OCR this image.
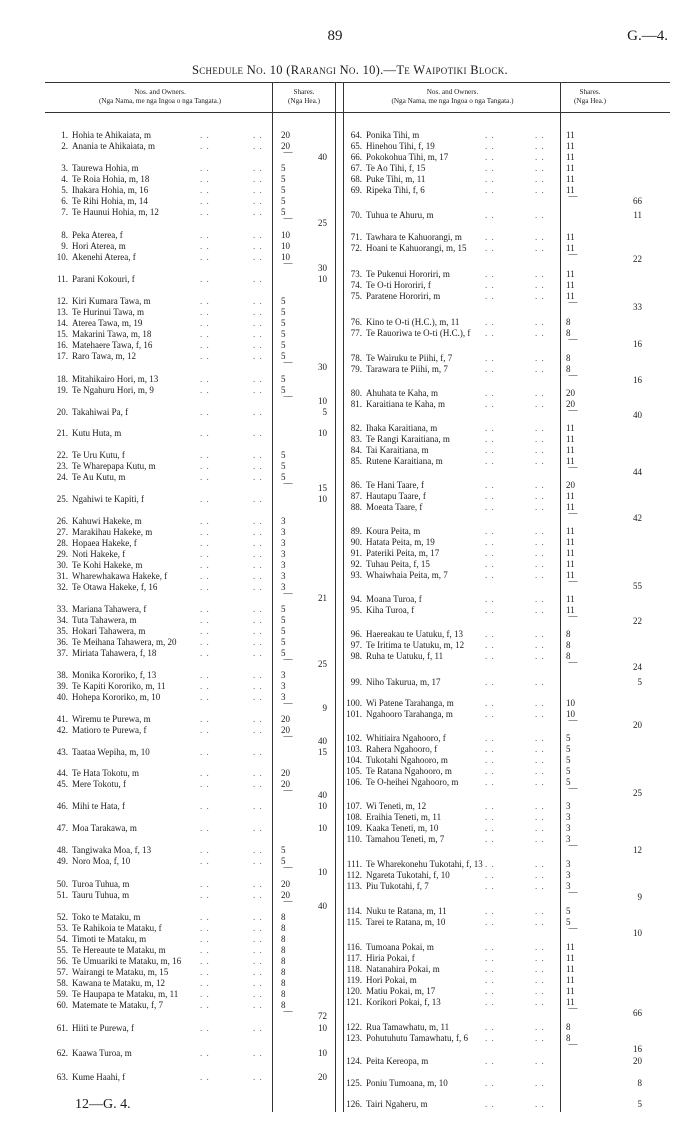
89	G.—4.
Schedule No. 10 (Rarangi No. 10).—Te Waipotiki Block.
Nos. and Owners.
(Nga Nama, me nga Ingoa o nga Tangata.)
Shares.
(Nga Hea.)
Nos. and Owners.
(Nga Nama, me nga Ingoa o nga Tangata.)
Shares.
(Nga Hea.)
1. Hohia te Ahikaiata, m	. .	. . 20
2. Anania te Ahikaiata, m	. .	. . 20
—	40
3. Taurewa Hohia, m	. .	. . 5
4. Te Roia Hohia, m, 18	. .	. . 5
5. Ihakara Hohia, m, 16	. .	. . 5
6. Te Rihi Hohia, m, 14	. .	. . 5
7. Te Haunui Hohia, m, 12	. .	. . 5
—	25
8. Peka Aterea, f	. .	. . 10
9. Hori Aterea, m	. .	. . 10
10. Akenehi Aterea, f	. .	. . 10
—	30
11. Parani Kokouri, f	. .	. .	10
12. Kiri Kumara Tawa, m	. .	. . 5
13. Te Hurinui Tawa, m	. .	. . 5
14. Aterea Tawa, m, 19	. .	. . 5
15. Makarini Tawa, m, 18	. .	. . 5
16. Matehaere Tawa, f, 16	. .	. . 5
17. Raro Tawa, m, 12	. .	. . 5
—	30
18. Mitahikairo Hori, m, 13	. .	. . 5
19. Te Ngahuru Hori, m, 9	. .	. . 5
—	10
20. Takahiwai Pa, f	. .	. .	5
21. Kutu Huta, m	. .	. .	10
22. Te Uru Kutu, f	. .	. . 5
23. Te Wharepapa Kutu, m	. .	. . 5
24. Te Au Kutu, m	. .	. . 5
—	15
25. Ngahiwi te Kapiti, f	. .	. .	10
26. Kahuwi Hakeke, m	. .	. . 3
27. Marakihau Hakeke, m	. .	. . 3
28. Hopaea Hakeke, f	. .	. . 3
29. Noti Hakeke, f	. .	. . 3
30. Te Kohi Hakeke, m	. .	. . 3
31. Wharewhakawa Hakeke, f	. .	. . 3
32. Te Otawa Hakeke, f, 16	. .	. . 3
—	21
33. Mariana Tahawera, f	. .	. . 5
34. Tuta Tahawera, m	. .	. . 5
35. Hokari Tahawera, m	. .	. . 5
36. Te Meihana Tahawera, m, 20	. .	. . 5
37. Miriata Tahawera, f, 18	. .	. . 5
—	25
38. Monika Kororiko, f, 13	. .	. . 3
39. Te Kapiti Kororiko, m, 11	. .	. . 3
40. Hohepa Kororiko, m, 10	. .	. . 3
—	9
41. Wiremu te Purewa, m	. .	. . 20
42. Matioro te Purewa, f	. .	. . 20
—	40
43. Taataa Wepiha, m, 10	. .	. .	15
44. Te Hata Tokotu, m	. .	. . 20
45. Mere Tokotu, f	. .	. . 20
—	40
46. Mihi te Hata, f	. .	. .	10
47. Moa Tarakawa, m	. .	. .	10
48. Tangiwaka Moa, f, 13	. .	. . 5
49. Noro Moa, f, 10	. .	. . 5
—	10
50. Turoa Tuhua, m	. .	. . 20
51. Tauru Tuhua, m	. .	. . 20
—	40
52. Toko te Mataku, m	. .	. . 8
53. Te Rahikoia te Mataku, f	. .	. . 8
54. Timoti te Mataku, m	. .	. . 8
55. Te Hereaute te Mataku, m	. .	. . 8
56. Te Umuariki te Mataku, m, 16 . .	. . 8
57. Wairangi te Mataku, m, 15	. .	. . 8
58. Kawana te Mataku, m, 12	. .	. . 8
59. Te Haupapa te Mataku, m, 11 . .	. . 8
60. Matemate te Mataku, f, 7	. .	. . 8
—	72
61. Hiiti te Purewa, f	. .	. .	10
62. Kaawa Turoa, m	. .	. .	10
63. Kume Haahi, f	. .	. .	20
64. Ponika Tihi, m	. .	. . 11
65. Hinehou Tihi, f, 19	. .	. . 11
66. Pokokohua Tihi, m, 17	. .	. . 11
67. Te Ao Tihi, f, 15	. .	. . 11
68. Puke Tihi, m, 11	. .	. . 11
69. Ripeka Tihi, f, 6	. .	. . 11
—	66
70. Tuhua te Ahuru, m	. .	. .	11
71. Tawhara te Kahuorangi, m	. .	. . 11
72. Hoani te Kahuorangi, m, 15 . .	. . 11
—	22
73. Te Pukenui Hororiri, m	. .	. . 11
74. Te O-ti Hororiri, f	. .	. . 11
75. Paratene Hororiri, m	. .	. . 11
—	33
76. Kino te O-ti (H.C.), m, 11	. .	. . 8
77. Te Rauoriwa te O-ti (H.C.), f . .	. . 8
—	16
78. Te Wairuku te Piihi, f, 7	. .	. . 8
79. Tarawara te Piihi, m, 7	. .	. . 8
—	16
80. Ahuhata te Kaha, m	. .	. . 20
81. Karaitiana te Kaha, m	. .	. . 20
—	40
82. Ihaka Karaitiana, m	. .	. . 11
83. Te Rangi Karaitiana, m	. .	. . 11
84. Tai Karaitiana, m	. .	. . 11
85. Rutene Karaitiana, m	. .	. . 11
—	44
86. Te Hani Taare, f	. .	. . 20
87. Hautapu Taare, f	. .	. . 11
88. Moeata Taare, f	. .	. . 11
—	42
89. Koura Peita, m	. .	. . 11
90. Hatata Peita, m, 19	. .	. . 11
91. Pateriki Peita, m, 17	. .	. . 11
92. Tuhau Peita, f, 15	. .	. . 11
93. Whaiwhaia Peita, m, 7	. .	. . 11
—	55
94. Moana Turoa, f	. .	. . 11
95. Kiha Turoa, f	. .	. . 11
—	22
96. Haereakau te Uatuku, f, 13 . .	. . 8
97. Te Iritima te Uatuku, m, 12 . .	. . 8
98. Ruha te Uatuku, f, 11	. .	. . 8
—	24
99. Niho Takurua, m, 17	. .	. .	5
100. Wi Patene Tarahanga, m	. .	. . 10
101. Ngahooro Tarahanga, m	. .	. . 10
—	20
102. Whitiaira Ngahooro, f	. .	. . 5
103. Rahera Ngahooro, f	. .	. . 5
104. Tukotahi Ngahooro, m	. .	. . 5
105. Te Ratana Ngahooro, m	. .	. . 5
106. Te O-heihei Ngahooro, m	. .	. . 5
—	25
107. Wi Teneti, m, 12	. .	. . 3
108. Eraihia Teneti, m, 11	. .	. . 3
109. Kaaka Teneti, m, 10	. .	. . 3
110. Tamahou Teneti, m, 7	. .	. . 3
—	12
111. Te Wharekonehu Tukotahi, f, 13 . .	. . 3
112. Ngareta Tukotahi, f, 10	. .	. . 3
113. Piu Tukotahi, f, 7	. .	. . 3
—	9
114. Nuku te Ratana, m, 11	. .	. . 5
115. Tarei te Ratana, m, 10	. .	. . 5
—	10
116. Tumoana Pokai, m	. .	. . 11
117. Hiria Pokai, f	. .	. . 11
118. Natanahira Pokai, m	. .	. . 11
119. Hori Pokai, m	. .	. . 11
120. Matiu Pokai, m, 17	. .	. . 11
121. Korikori Pokai, f, 13	. .	. . 11
—	66
122. Rua Tamawhatu, m, 11	. .	. . 8
123. Pohutuhutu Tamawhatu, f, 6 . .	. . 8
—	16
124. Peita Kereopa, m	. .	. .	20
125. Poniu Tumoana, m, 10	. .	. .	8
126. Tairi Ngaheru, m	. .	. .	5
12—G. 4.
